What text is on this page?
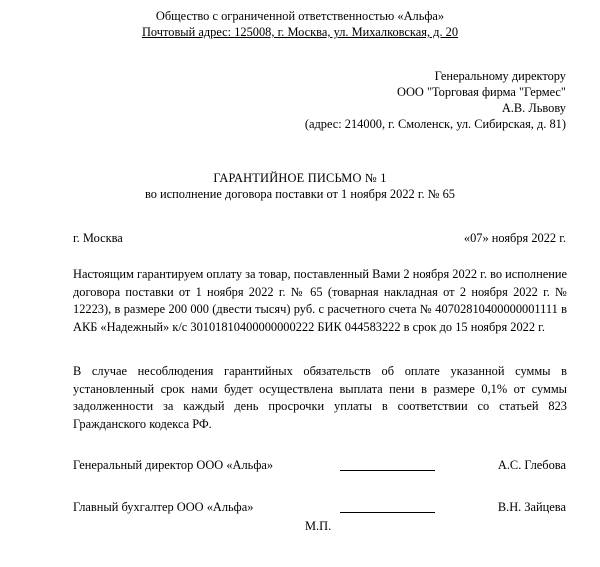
Общество с ограниченной ответственностью «Альфа»
Почтовый адрес: 125008, г. Москва, ул. Михалковская, д. 20
Генеральному директору
ООО "Торговая фирма "Гермес"
А.В. Львову
(адрес: 214000, г. Смоленск, ул. Сибирская, д. 81)
ГАРАНТИЙНОЕ ПИСЬМО № 1
во исполнение договора поставки от 1 ноября 2022 г. № 65
г. Москва	«07» ноября 2022 г.
Настоящим гарантируем оплату за товар, поставленный Вами 2 ноября 2022 г. во исполнение договора поставки от 1 ноября 2022 г. № 65 (товарная накладная от 2 ноября 2022 г. № 12223), в размере 200 000 (двести тысяч) руб. с расчетного счета № 40702810400000001111 в АКБ «Надежный» к/с 30101810400000000222 БИК 044583222 в срок до 15 ноября 2022 г.
В случае несоблюдения гарантийных обязательств об оплате указанной суммы в установленный срок нами будет осуществлена выплата пени в размере 0,1% от суммы задолженности за каждый день просрочки уплаты в соответствии со статьей 823 Гражданского кодекса РФ.
Генеральный директор ООО «Альфа»	А.С. Глебова
Главный бухгалтер ООО «Альфа»	В.Н. Зайцева
М.П.
